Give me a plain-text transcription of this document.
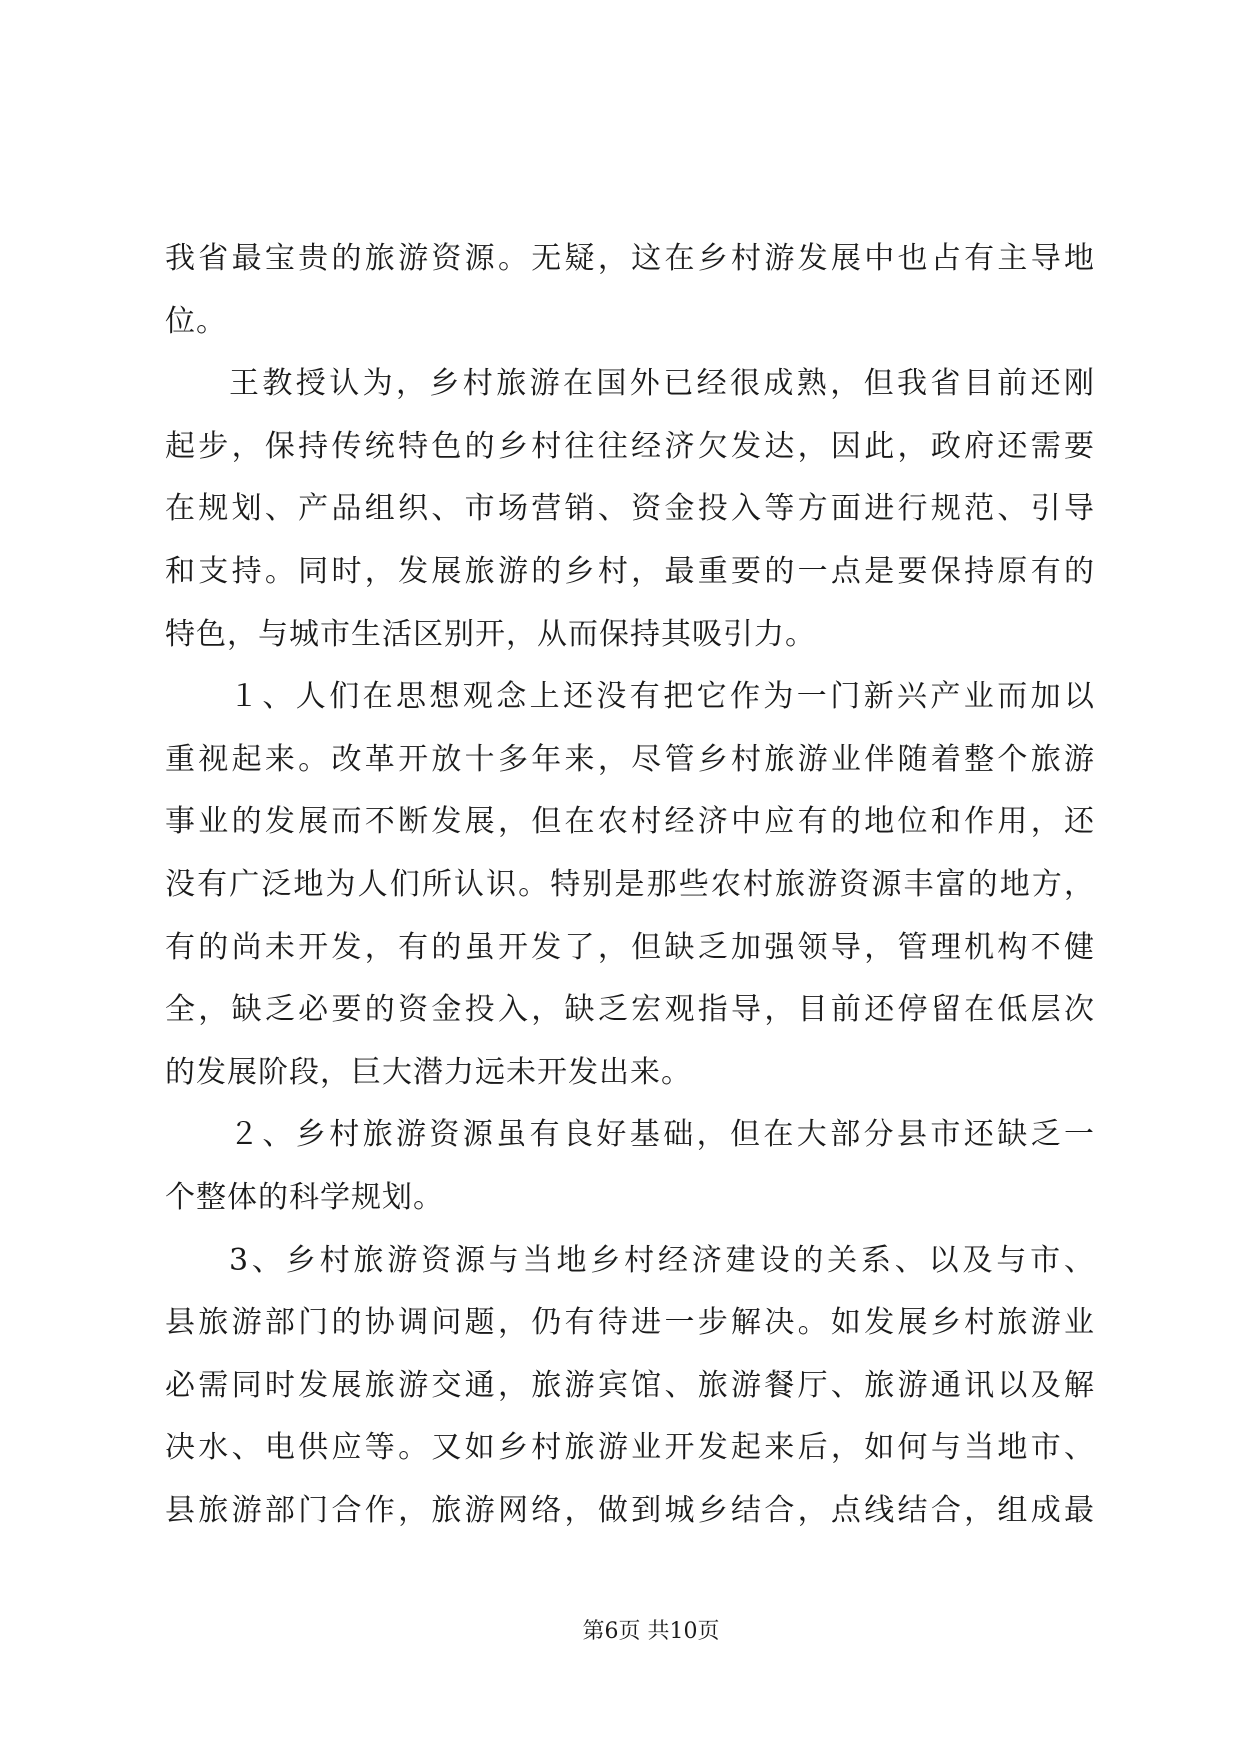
我省最宝贵的旅游资源。无疑，这在乡村游发展中也占有主导地
位。
王教授认为，乡村旅游在国外已经很成熟，但我省目前还刚
起步，保持传统特色的乡村往往经济欠发达，因此，政府还需要
在规划、产品组织、市场营销、资金投入等方面进行规范、引导
和支持。同时，发展旅游的乡村，最重要的一点是要保持原有的
特色，与城市生活区别开，从而保持其吸引力。
１、人们在思想观念上还没有把它作为一门新兴产业而加以
重视起来。改革开放十多年来，尽管乡村旅游业伴随着整个旅游
事业的发展而不断发展，但在农村经济中应有的地位和作用，还
没有广泛地为人们所认识。特别是那些农村旅游资源丰富的地方，
有的尚未开发，有的虽开发了，但缺乏加强领导，管理机构不健
全，缺乏必要的资金投入，缺乏宏观指导，目前还停留在低层次
的发展阶段，巨大潜力远未开发出来。
２、乡村旅游资源虽有良好基础，但在大部分县市还缺乏一
个整体的科学规划。
3、乡村旅游资源与当地乡村经济建设的关系、以及与市、
县旅游部门的协调问题，仍有待进一步解决。如发展乡村旅游业
必需同时发展旅游交通，旅游宾馆、旅游餐厅、旅游通讯以及解
决水、电供应等。又如乡村旅游业开发起来后，如何与当地市、
县旅游部门合作，旅游网络，做到城乡结合，点线结合，组成最
第6页 共10页
